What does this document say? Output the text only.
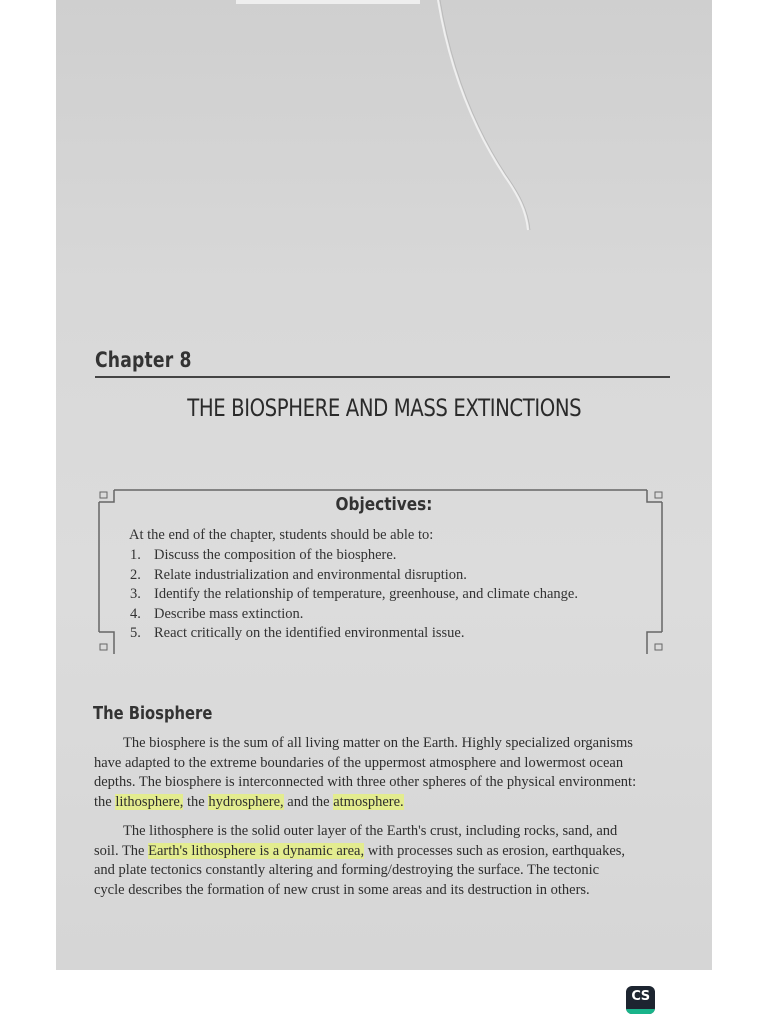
Chapter 8
THE BIOSPHERE AND MASS EXTINCTIONS
Objectives:
At the end of the chapter, students should be able to:
1. Discuss the composition of the biosphere.
2. Relate industrialization and environmental disruption.
3. Identify the relationship of temperature, greenhouse, and climate change.
4. Describe mass extinction.
5. React critically on the identified environmental issue.
The Biosphere
The biosphere is the sum of all living matter on the Earth. Highly specialized organisms
have adapted to the extreme boundaries of the uppermost atmosphere and lowermost ocean
depths. The biosphere is interconnected with three other spheres of the physical environment:
the lithosphere, the hydrosphere, and the atmosphere.
The lithosphere is the solid outer layer of the Earth's crust, including rocks, sand, and
soil. The Earth's lithosphere is a dynamic area, with processes such as erosion, earthquakes,
and plate tectonics constantly altering and forming/destroying the surface. The tectonic
cycle describes the formation of new crust in some areas and its destruction in others.
CS
